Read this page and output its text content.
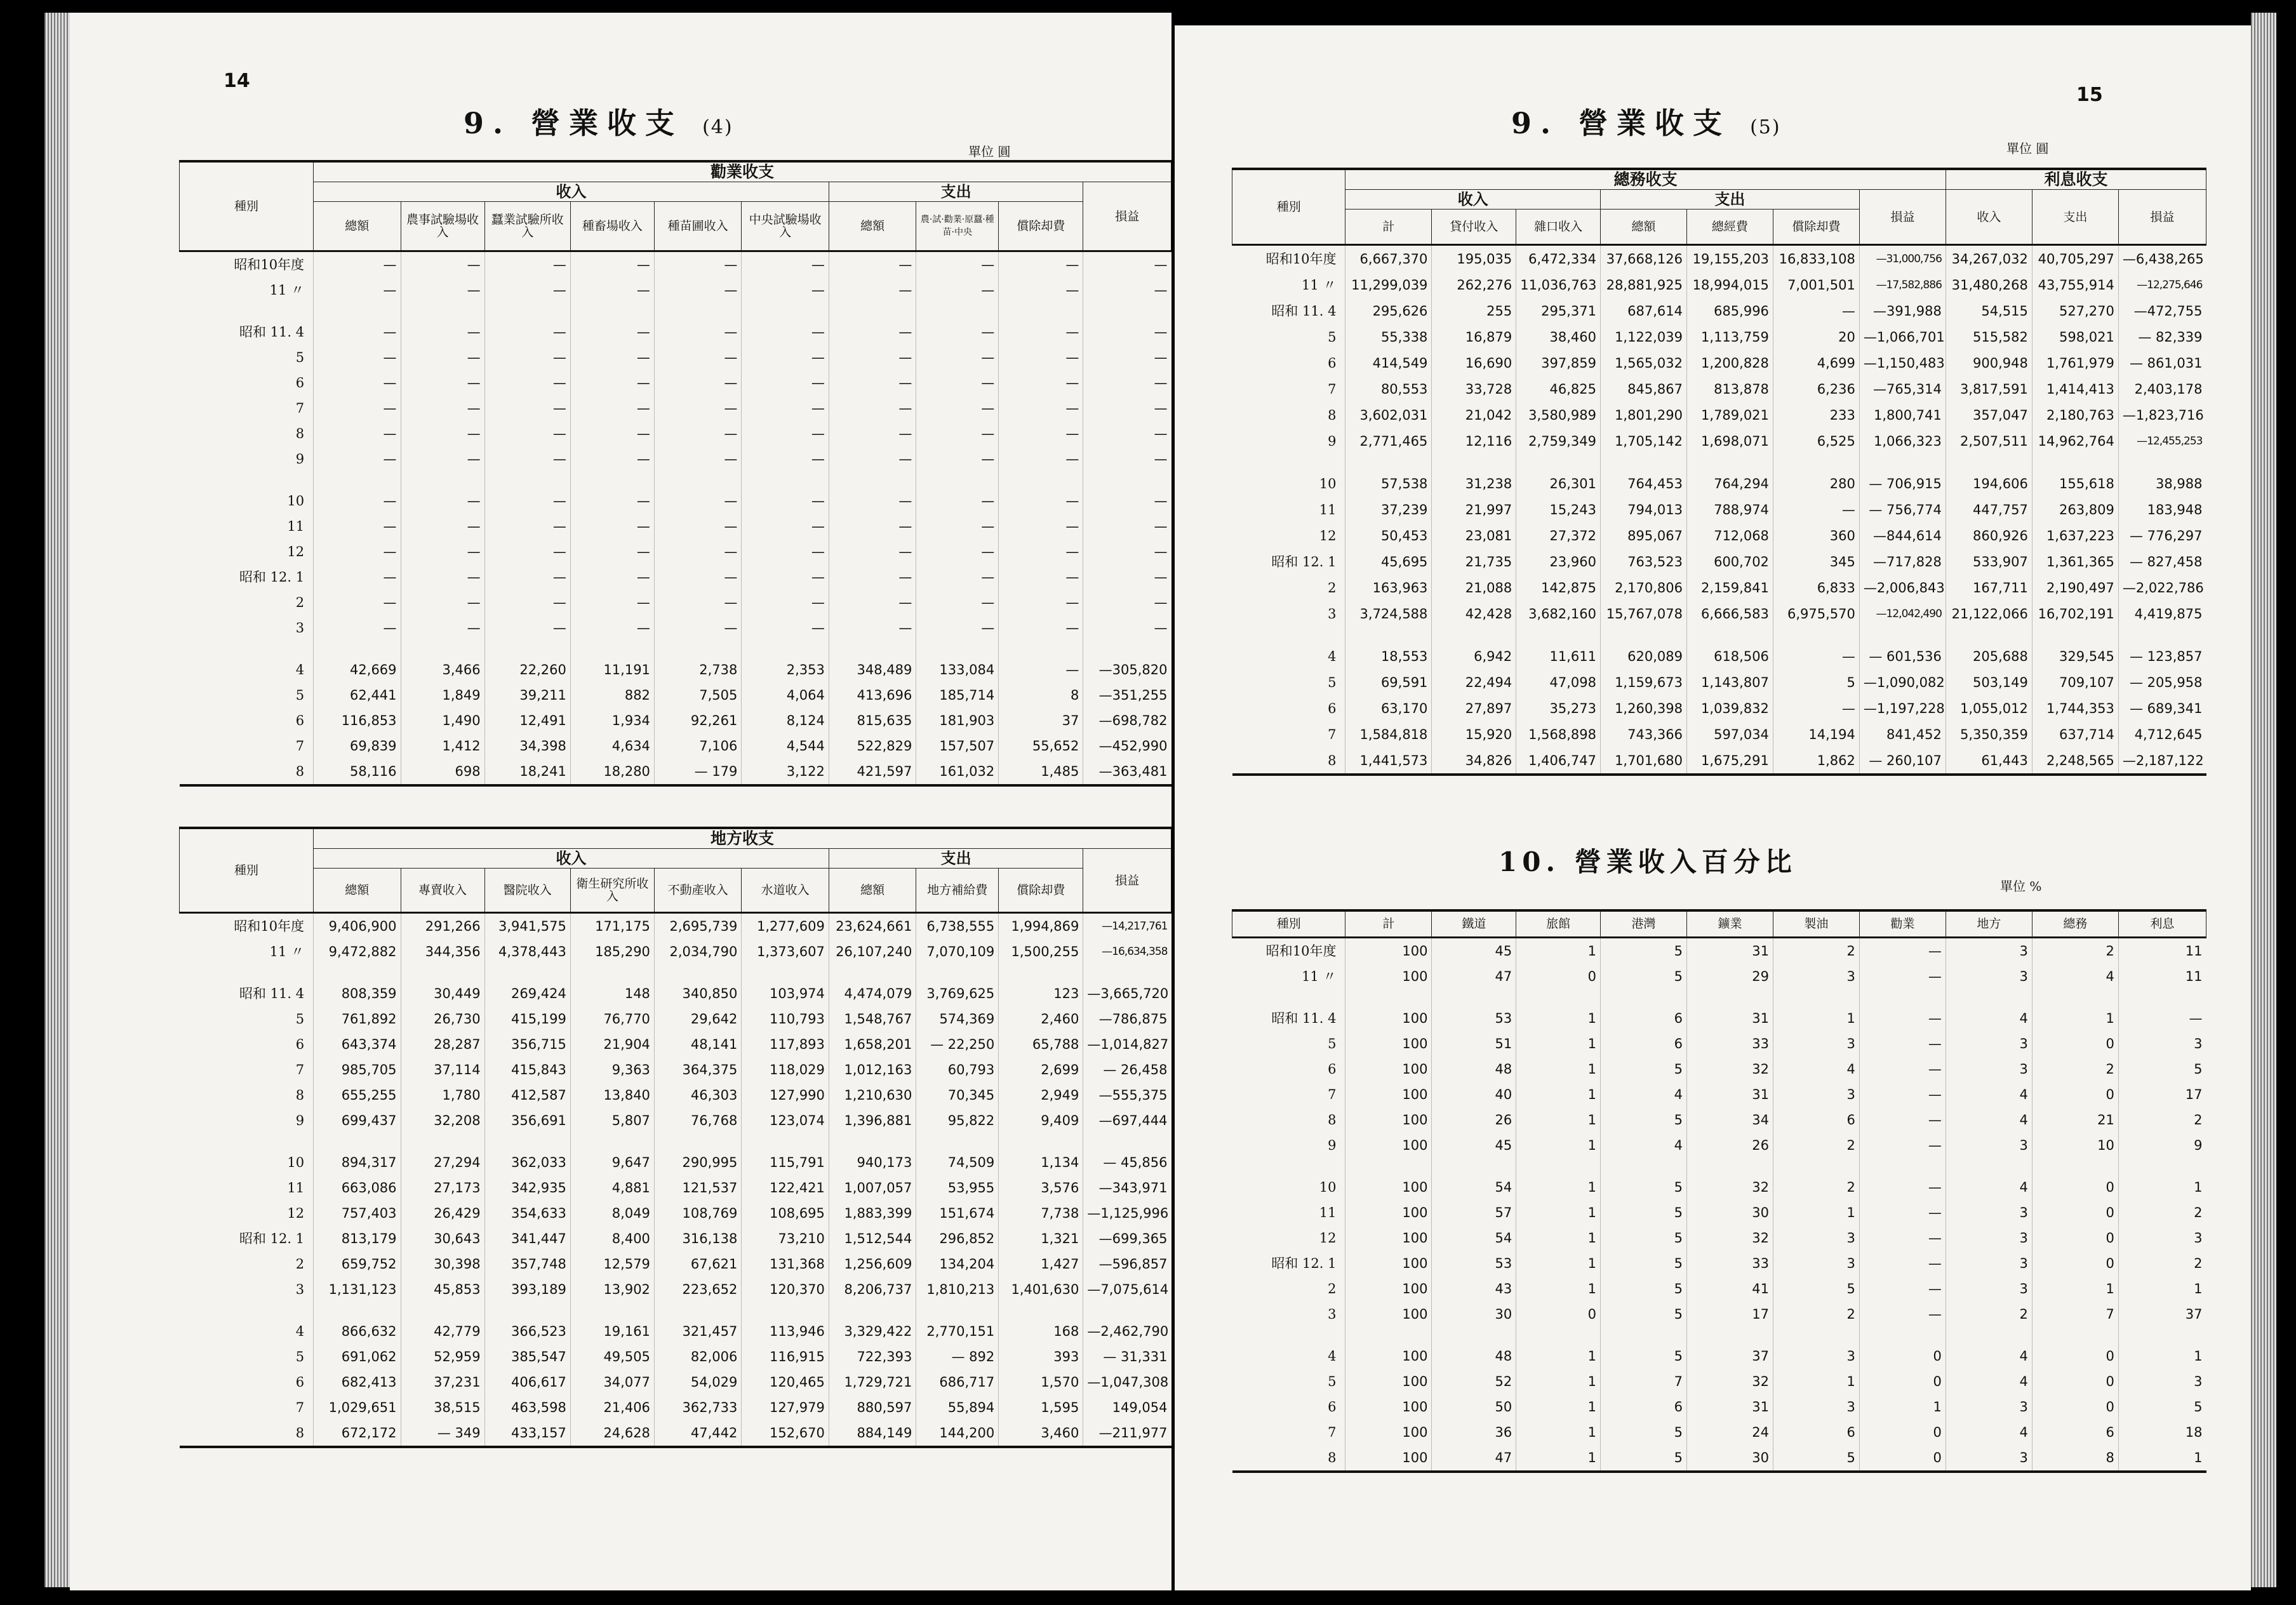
14
9. 營業收支 (4)
單位 圓
種別	勸業收支									
	收入						支出			損益
	總額	農事試驗場收入	蠶業試驗所收入	種畜場收入	種苗圃收入	中央試驗場收入	總額	農·試·勸業·原蠶·種苗·中央	償除却費	
昭和10年度	—	—	—	—	—	—	—	—	—	—
11 〃	—	—	—	—	—	—	—	—	—	—

昭和 11. 4	—	—	—	—	—	—	—	—	—	—
5	—	—	—	—	—	—	—	—	—	—
6	—	—	—	—	—	—	—	—	—	—
7	—	—	—	—	—	—	—	—	—	—
8	—	—	—	—	—	—	—	—	—	—
9	—	—	—	—	—	—	—	—	—	—

10	—	—	—	—	—	—	—	—	—	—
11	—	—	—	—	—	—	—	—	—	—
12	—	—	—	—	—	—	—	—	—	—
昭和 12. 1	—	—	—	—	—	—	—	—	—	—
2	—	—	—	—	—	—	—	—	—	—
3	—	—	—	—	—	—	—	—	—	—

4	42,669	3,466	22,260	11,191	2,738	2,353	348,489	133,084	—	—305,820
5	62,441	1,849	39,211	882	7,505	4,064	413,696	185,714	8	—351,255
6	116,853	1,490	12,491	1,934	92,261	8,124	815,635	181,903	37	—698,782
7	69,839	1,412	34,398	4,634	7,106	4,544	522,829	157,507	55,652	—452,990
8	58,116	698	18,241	18,280	— 179	3,122	421,597	161,032	1,485	—363,481
種別	地方收支									
	收入						支出			損益
	總額	專賣收入	醫院收入	衛生研究所收入	不動產收入	水道收入	總額	地方補給費	償除却費	
昭和10年度	9,406,900	291,266	3,941,575	171,175	2,695,739	1,277,609	23,624,661	6,738,555	1,994,869	—14,217,761
11 〃	9,472,882	344,356	4,378,443	185,290	2,034,790	1,373,607	26,107,240	7,070,109	1,500,255	—16,634,358

昭和 11. 4	808,359	30,449	269,424	148	340,850	103,974	4,474,079	3,769,625	123	—3,665,720
5	761,892	26,730	415,199	76,770	29,642	110,793	1,548,767	574,369	2,460	—786,875
6	643,374	28,287	356,715	21,904	48,141	117,893	1,658,201	— 22,250	65,788	—1,014,827
7	985,705	37,114	415,843	9,363	364,375	118,029	1,012,163	60,793	2,699	— 26,458
8	655,255	1,780	412,587	13,840	46,303	127,990	1,210,630	70,345	2,949	—555,375
9	699,437	32,208	356,691	5,807	76,768	123,074	1,396,881	95,822	9,409	—697,444

10	894,317	27,294	362,033	9,647	290,995	115,791	940,173	74,509	1,134	— 45,856
11	663,086	27,173	342,935	4,881	121,537	122,421	1,007,057	53,955	3,576	—343,971
12	757,403	26,429	354,633	8,049	108,769	108,695	1,883,399	151,674	7,738	—1,125,996
昭和 12. 1	813,179	30,643	341,447	8,400	316,138	73,210	1,512,544	296,852	1,321	—699,365
2	659,752	30,398	357,748	12,579	67,621	131,368	1,256,609	134,204	1,427	—596,857
3	1,131,123	45,853	393,189	13,902	223,652	120,370	8,206,737	1,810,213	1,401,630	—7,075,614

4	866,632	42,779	366,523	19,161	321,457	113,946	3,329,422	2,770,151	168	—2,462,790
5	691,062	52,959	385,547	49,505	82,006	116,915	722,393	— 892	393	— 31,331
6	682,413	37,231	406,617	34,077	54,029	120,465	1,729,721	686,717	1,570	—1,047,308
7	1,029,651	38,515	463,598	21,406	362,733	127,979	880,597	55,894	1,595	149,054
8	672,172	— 349	433,157	24,628	47,442	152,670	884,149	144,200	3,460	—211,977
15
9. 營業收支 (5)
單位 圓
種別	總務收支							利息收支		
	收入			支出			損益	收入	支出	損益
	計	貸付收入	雜口收入	總額	總經費	償除却費				
昭和10年度	6,667,370	195,035	6,472,334	37,668,126	19,155,203	16,833,108	—31,000,756	34,267,032	40,705,297	—6,438,265
11 〃	11,299,039	262,276	11,036,763	28,881,925	18,994,015	7,001,501	—17,582,886	31,480,268	43,755,914	—12,275,646
昭和 11. 4	295,626	255	295,371	687,614	685,996	—	—391,988	54,515	527,270	—472,755
5	55,338	16,879	38,460	1,122,039	1,113,759	20	—1,066,701	515,582	598,021	— 82,339
6	414,549	16,690	397,859	1,565,032	1,200,828	4,699	—1,150,483	900,948	1,761,979	— 861,031
7	80,553	33,728	46,825	845,867	813,878	6,236	—765,314	3,817,591	1,414,413	2,403,178
8	3,602,031	21,042	3,580,989	1,801,290	1,789,021	233	1,800,741	357,047	2,180,763	—1,823,716
9	2,771,465	12,116	2,759,349	1,705,142	1,698,071	6,525	1,066,323	2,507,511	14,962,764	—12,455,253

10	57,538	31,238	26,301	764,453	764,294	280	— 706,915	194,606	155,618	38,988
11	37,239	21,997	15,243	794,013	788,974	—	— 756,774	447,757	263,809	183,948
12	50,453	23,081	27,372	895,067	712,068	360	—844,614	860,926	1,637,223	— 776,297
昭和 12. 1	45,695	21,735	23,960	763,523	600,702	345	—717,828	533,907	1,361,365	— 827,458
2	163,963	21,088	142,875	2,170,806	2,159,841	6,833	—2,006,843	167,711	2,190,497	—2,022,786
3	3,724,588	42,428	3,682,160	15,767,078	6,666,583	6,975,570	—12,042,490	21,122,066	16,702,191	4,419,875

4	18,553	6,942	11,611	620,089	618,506	—	— 601,536	205,688	329,545	— 123,857
5	69,591	22,494	47,098	1,159,673	1,143,807	5	—1,090,082	503,149	709,107	— 205,958
6	63,170	27,897	35,273	1,260,398	1,039,832	—	—1,197,228	1,055,012	1,744,353	— 689,341
7	1,584,818	15,920	1,568,898	743,366	597,034	14,194	841,452	5,350,359	637,714	4,712,645
8	1,441,573	34,826	1,406,747	1,701,680	1,675,291	1,862	— 260,107	61,443	2,248,565	—2,187,122
10. 營業收入百分比
單位 %
種別	計	鐵道	旅館	港灣	鑛業	製油	勸業	地方	總務	利息
昭和10年度	100	45	1	5	31	2	—	3	2	11
11 〃	100	47	0	5	29	3	—	3	4	11

昭和 11. 4	100	53	1	6	31	1	—	4	1	—
5	100	51	1	6	33	3	—	3	0	3
6	100	48	1	5	32	4	—	3	2	5
7	100	40	1	4	31	3	—	4	0	17
8	100	26	1	5	34	6	—	4	21	2
9	100	45	1	4	26	2	—	3	10	9

10	100	54	1	5	32	2	—	4	0	1
11	100	57	1	5	30	1	—	3	0	2
12	100	54	1	5	32	3	—	3	0	3
昭和 12. 1	100	53	1	5	33	3	—	3	0	2
2	100	43	1	5	41	5	—	3	1	1
3	100	30	0	5	17	2	—	2	7	37

4	100	48	1	5	37	3	0	4	0	1
5	100	52	1	7	32	1	0	4	0	3
6	100	50	1	6	31	3	1	3	0	5
7	100	36	1	5	24	6	0	4	6	18
8	100	47	1	5	30	5	0	3	8	1
